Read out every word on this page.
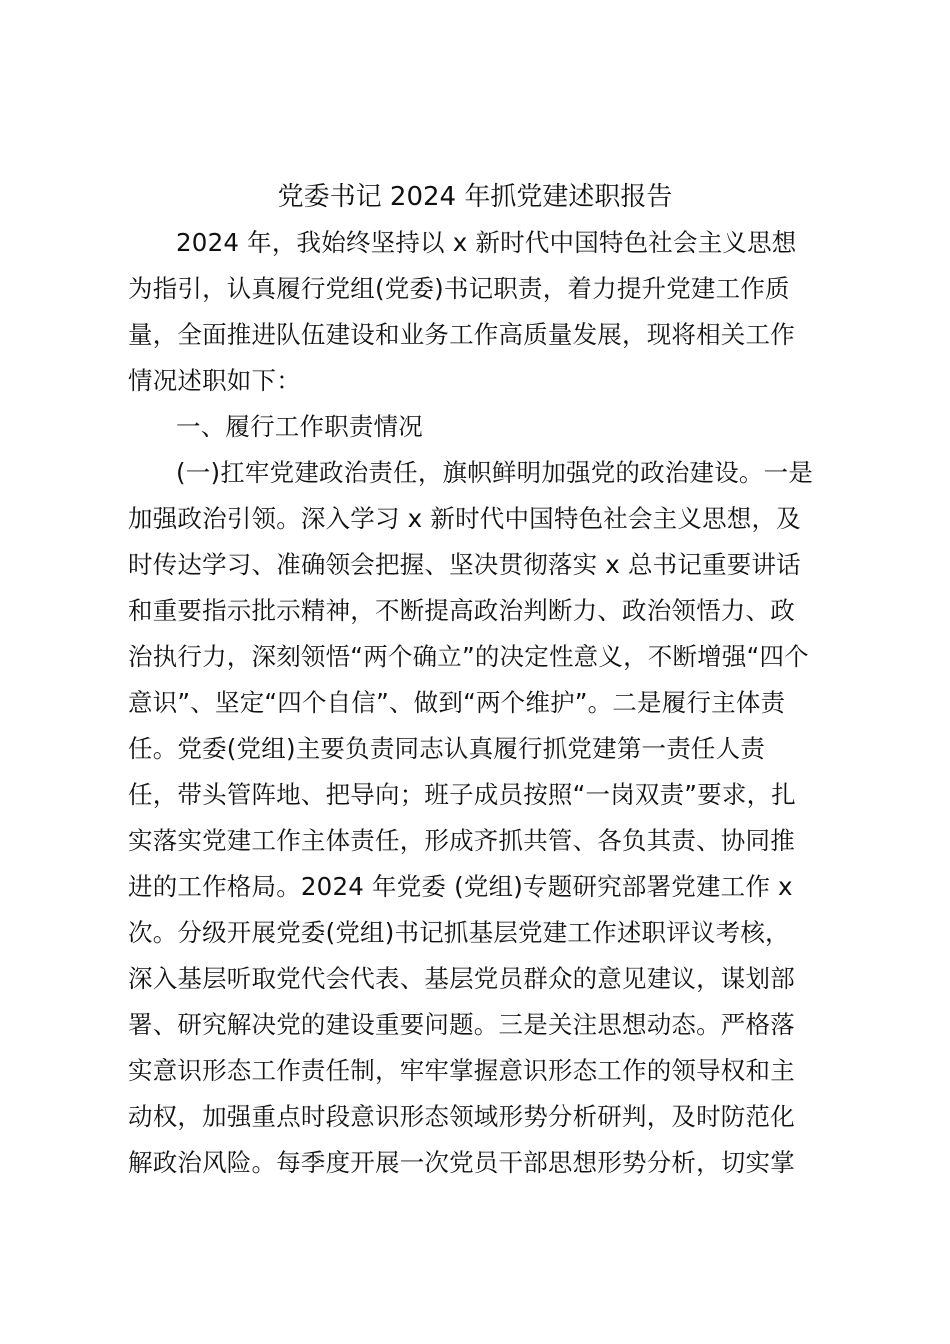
党委书记 2024 年抓党建述职报告
2024 年，我始终坚持以 x 新时代中国特色社会主义思想
为指引，认真履行党组(党委)书记职责，着力提升党建工作质
量，全面推进队伍建设和业务工作高质量发展，现将相关工作
情况述职如下：
一、履行工作职责情况
(一)扛牢党建政治责任，旗帜鲜明加强党的政治建设。一是
加强政治引领。深入学习 x 新时代中国特色社会主义思想，及
时传达学习、准确领会把握、坚决贯彻落实 x 总书记重要讲话
和重要指示批示精神，不断提高政治判断力、政治领悟力、政
治执行力，深刻领悟“两个确立”的决定性意义，不断增强“四个
意识”、坚定“四个自信”、做到“两个维护”。二是履行主体责
任。党委(党组)主要负责同志认真履行抓党建第一责任人责
任，带头管阵地、把导向；班子成员按照“一岗双责”要求，扎
实落实党建工作主体责任，形成齐抓共管、各负其责、协同推
进的工作格局。2024 年党委 (党组)专题研究部署党建工作 x
次。分级开展党委(党组)书记抓基层党建工作述职评议考核，
深入基层听取党代会代表、基层党员群众的意见建议，谋划部
署、研究解决党的建设重要问题。三是关注思想动态。严格落
实意识形态工作责任制，牢牢掌握意识形态工作的领导权和主
动权，加强重点时段意识形态领域形势分析研判，及时防范化
解政治风险。每季度开展一次党员干部思想形势分析，切实掌
